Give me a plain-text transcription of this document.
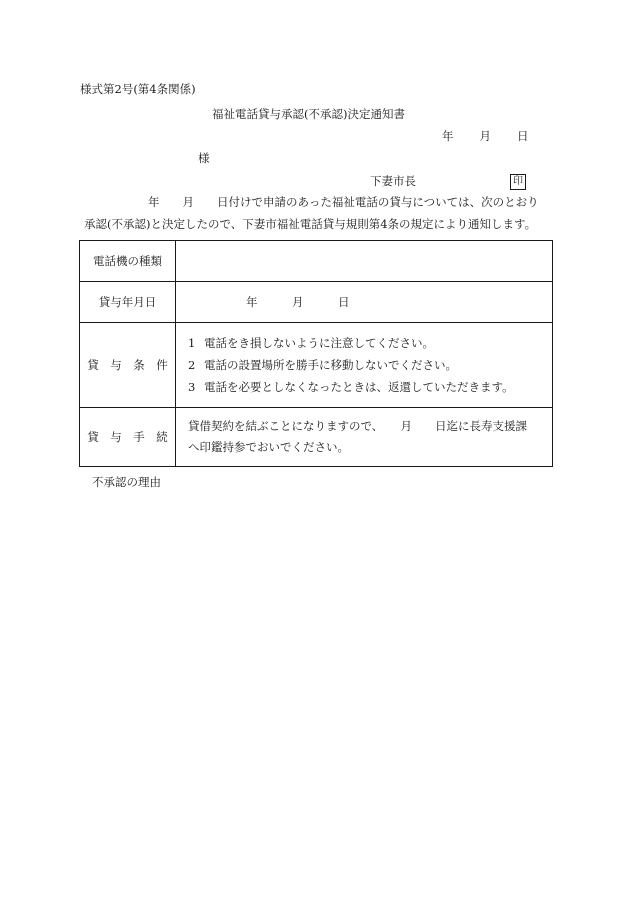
様式第2号(第4条関係)
福祉電話貸与承認(不承認)決定通知書
年 月 日
様
下妻市長	印
年　　月　　日付けで申請のあった福祉電話の貸与については、次のとおり
承認(不承認)と決定したので、下妻市福祉電話貸与規則第4条の規定により通知します。
電話機の種類	
貸与年月日	年　　　月　　　日
貸　与　条　件	1 電話をき損しないように注意してください。
2 電話の設置場所を勝手に移動しないでください。
3 電話を必要としなくなったときは、返還していただきます。

貸　与　手　続	貸借契約を結ぶことになりますので、　　月　　日迄に長寿支援課
へ印鑑持参でおいでください。
不承認の理由
